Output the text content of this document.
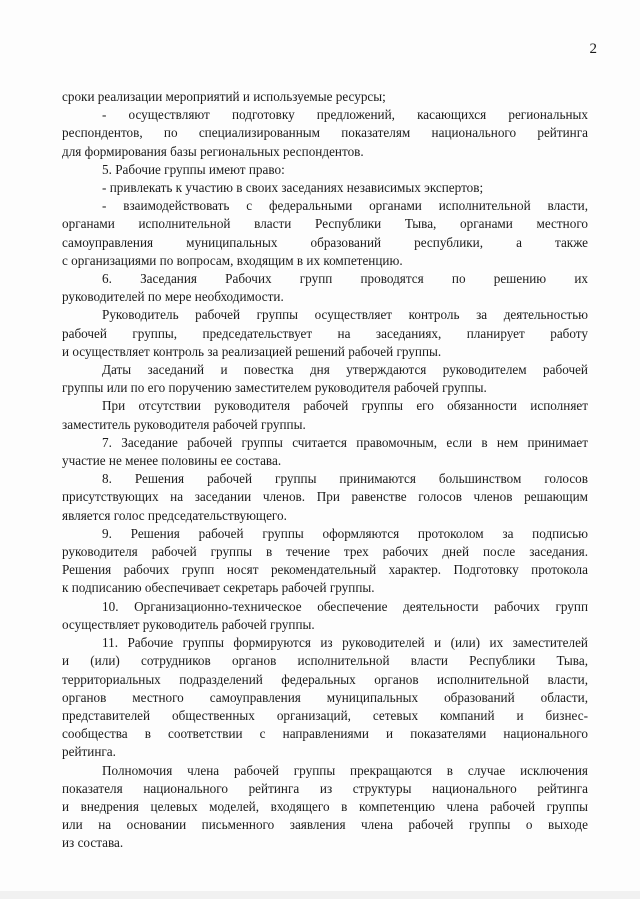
2
сроки реализации мероприятий и используемые ресурсы;
- осуществляют подготовку предложений, касающихся региональных
респондентов, по специализированным показателям национального рейтинга
для формирования базы региональных респондентов.
5. Рабочие группы имеют право:
- привлекать к участию в своих заседаниях независимых экспертов;
- взаимодействовать с федеральными органами исполнительной власти,
органами исполнительной власти Республики Тыва, органами местного
самоуправления муниципальных образований республики, а также
с организациями по вопросам, входящим в их компетенцию.
6. Заседания Рабочих групп проводятся по решению их
руководителей по мере необходимости.
Руководитель рабочей группы осуществляет контроль за деятельностью
рабочей группы, председательствует на заседаниях, планирует работу
и осуществляет контроль за реализацией решений рабочей группы.
Даты заседаний и повестка дня утверждаются руководителем рабочей
группы или по его поручению заместителем руководителя рабочей группы.
При отсутствии руководителя рабочей группы его обязанности исполняет
заместитель руководителя рабочей группы.
7. Заседание рабочей группы считается правомочным, если в нем принимает
участие не менее половины ее состава.
8. Решения рабочей группы принимаются большинством голосов
присутствующих на заседании членов. При равенстве голосов членов решающим
является голос председательствующего.
9. Решения рабочей группы оформляются протоколом за подписью
руководителя рабочей группы в течение трех рабочих дней после заседания.
Решения рабочих групп носят рекомендательный характер. Подготовку протокола
к подписанию обеспечивает секретарь рабочей группы.
10. Организационно-техническое обеспечение деятельности рабочих групп
осуществляет руководитель рабочей группы.
11. Рабочие группы формируются из руководителей и (или) их заместителей
и (или) сотрудников органов исполнительной власти Республики Тыва,
территориальных подразделений федеральных органов исполнительной власти,
органов местного самоуправления муниципальных образований области,
представителей общественных организаций, сетевых компаний и бизнес-
сообщества в соответствии с направлениями и показателями национального
рейтинга.
Полномочия члена рабочей группы прекращаются в случае исключения
показателя национального рейтинга из структуры национального рейтинга
и внедрения целевых моделей, входящего в компетенцию члена рабочей группы
или на основании письменного заявления члена рабочей группы о выходе
из состава.
